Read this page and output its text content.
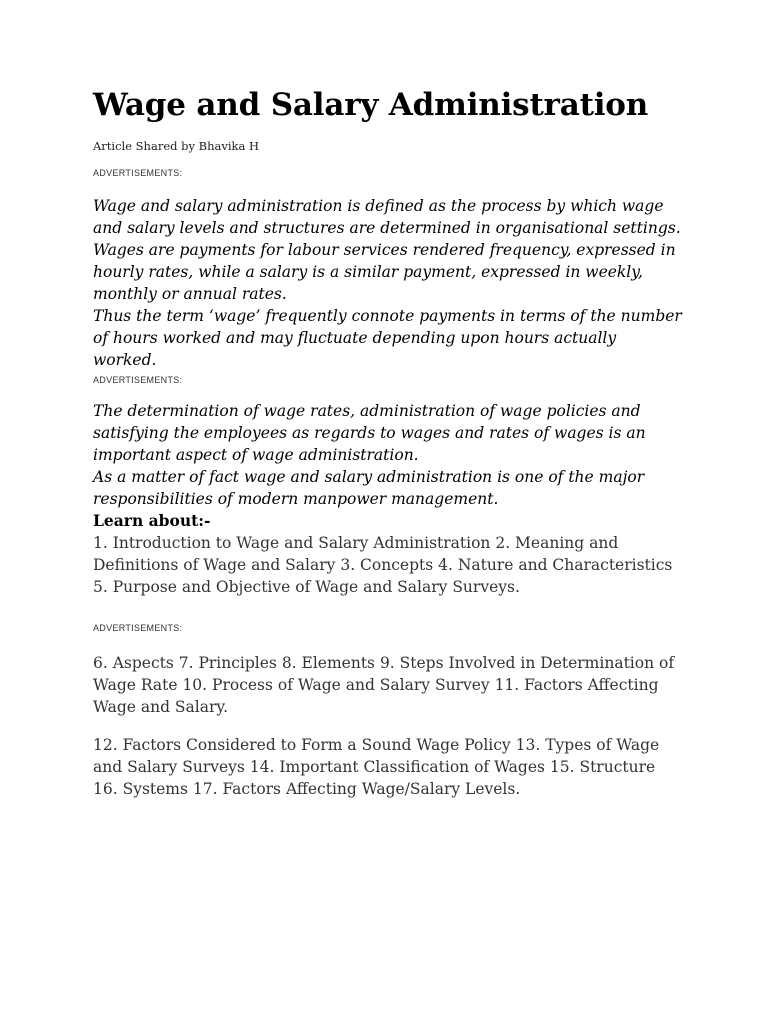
Wage and Salary Administration
Article Shared by Bhavika H
ADVERTISEMENTS:

Wage and salary administration is defined as the process by which wage and salary levels and structures are determined in organisational settings.

Wages are payments for labour services rendered frequency, expressed in hourly rates, while a salary is a similar payment, expressed in weekly, monthly or annual rates.

Thus the term ‘wage’ frequently connote payments in terms of the number of hours worked and may fluctuate depending upon hours actually worked.

ADVERTISEMENTS:

The determination of wage rates, administration of wage policies and satisfying the employees as regards to wages and rates of wages is an important aspect of wage administration.

As a matter of fact wage and salary administration is one of the major responsibilities of modern manpower management.

Learn about:-

1. Introduction to Wage and Salary Administration 2. Meaning and Definitions of Wage and Salary 3. Concepts 4. Nature and Characteristics 5. Purpose and Objective of Wage and Salary Surveys.

ADVERTISEMENTS:

6. Aspects 7. Principles 8. Elements 9. Steps Involved in Determination of Wage Rate 10. Process of Wage and Salary Survey 11. Factors Affecting Wage and Salary.

12. Factors Considered to Form a Sound Wage Policy 13. Types of Wage and Salary Surveys 14. Important Classification of Wages 15. Structure 16. Systems 17. Factors Affecting Wage/Salary Levels.
